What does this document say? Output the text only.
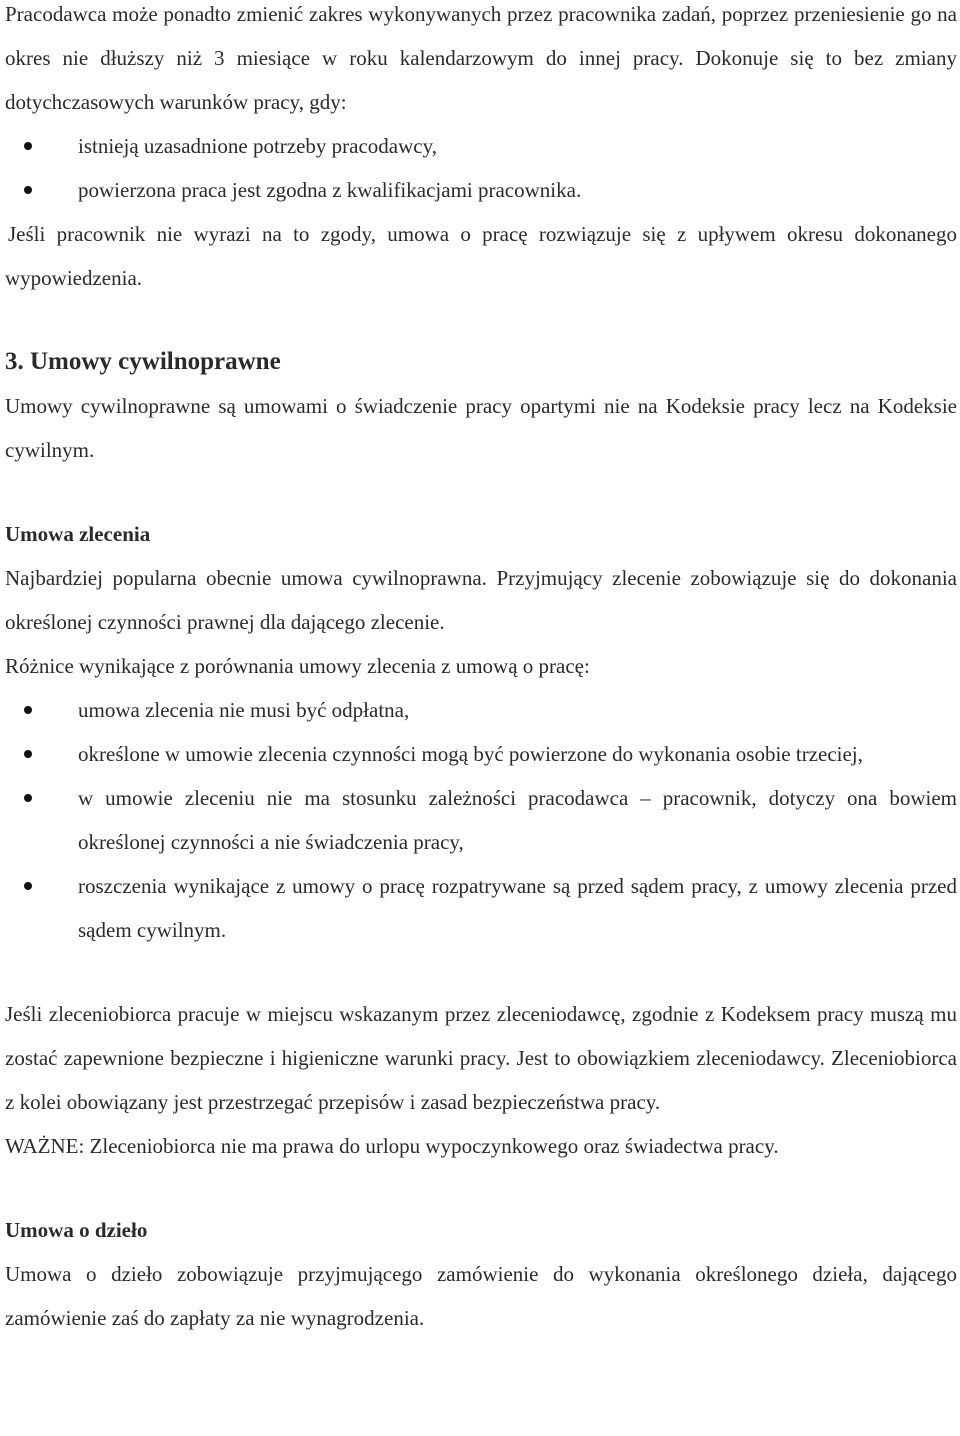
Pracodawca może ponadto zmienić zakres wykonywanych przez pracownika zadań, poprzez przeniesienie go na okres nie dłuższy niż 3 miesiące w roku kalendarzowym do innej pracy. Dokonuje się to bez zmiany dotychczasowych warunków pracy, gdy:

istnieją uzasadnione potrzeby pracodawcy,
powierzona praca jest zgodna z kwalifikacjami pracownika.

Jeśli pracownik nie wyrazi na to zgody, umowa o pracę rozwiązuje się z upływem okresu dokonanego wypowiedzenia.

3. Umowy cywilnoprawne

Umowy cywilnoprawne są umowami o świadczenie pracy opartymi nie na Kodeksie pracy lecz na Kodeksie cywilnym.

Umowa zlecenia

Najbardziej popularna obecnie umowa cywilnoprawna. Przyjmujący zlecenie zobowiązuje się do dokonania określonej czynności prawnej dla dającego zlecenie.

Różnice wynikające z porównania umowy zlecenia z umową o pracę:

umowa zlecenia nie musi być odpłatna,
określone w umowie zlecenia czynności mogą być powierzone do wykonania osobie trzeciej,
w umowie zleceniu nie ma stosunku zależności pracodawca – pracownik, dotyczy ona bowiem określonej czynności a nie świadczenia pracy,
roszczenia wynikające z umowy o pracę rozpatrywane są przed sądem pracy, z umowy zlecenia przed sądem cywilnym.

Jeśli zleceniobiorca pracuje w miejscu wskazanym przez zleceniodawcę, zgodnie z Kodeksem pracy muszą mu zostać zapewnione bezpieczne i higieniczne warunki pracy. Jest to obowiązkiem zleceniodawcy. Zleceniobiorca z kolei obowiązany jest przestrzegać przepisów i zasad bezpieczeństwa pracy.

WAŻNE: Zleceniobiorca nie ma prawa do urlopu wypoczynkowego oraz świadectwa pracy.

Umowa o dzieło

Umowa o dzieło zobowiązuje przyjmującego zamówienie do wykonania określonego dzieła, dającego zamówienie zaś do zapłaty za nie wynagrodzenia.
